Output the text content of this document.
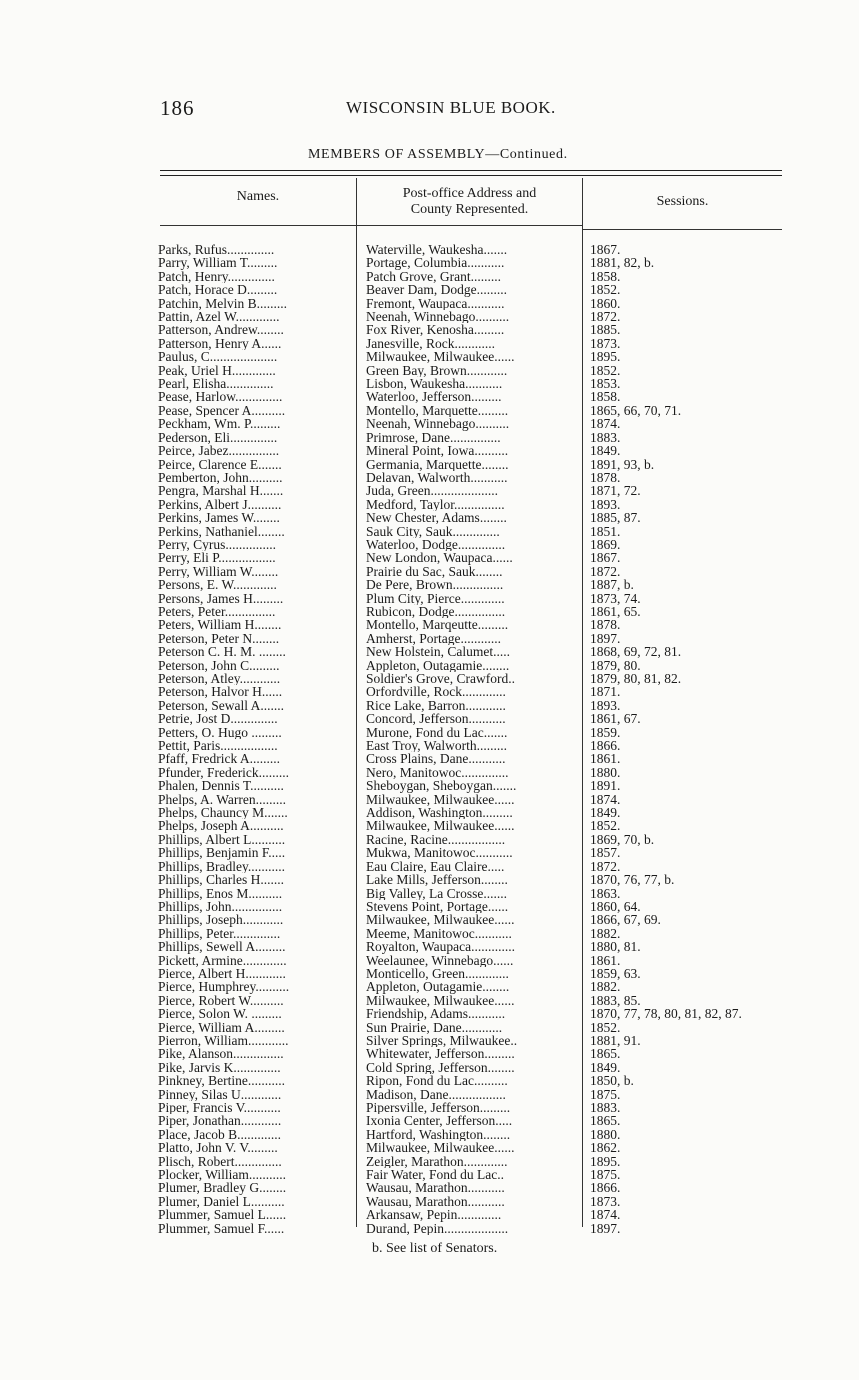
186	WISCONSIN BLUE BOOK.
MEMBERS OF ASSEMBLY—Continued.
Names.	Post-office Address and
County Represented.
Sessions.
Parks, Rufus..............	Waterville, Waukesha.......	1867.
Parry, William T.........	Portage, Columbia...........	1881, 82, b.
Patch, Henry..............	Patch Grove, Grant.........	1858.
Patch, Horace D.........	Beaver Dam, Dodge.........	1852.
Patchin, Melvin B.........	Fremont, Waupaca...........	1860.
Pattin, Azel W.............	Neenah, Winnebago..........	1872.
Patterson, Andrew........	Fox River, Kenosha.........	1885.
Patterson, Henry A......	Janesville, Rock............	1873.
Paulus, C....................	Milwaukee, Milwaukee......	1895.
Peak, Uriel H.............	Green Bay, Brown............	1852.
Pearl, Elisha..............	Lisbon, Waukesha...........	1853.
Pease, Harlow..............	Waterloo, Jefferson.........	1858.
Pease, Spencer A..........	Montello, Marquette.........	1865, 66, 70, 71.
Peckham, Wm. P.........	Neenah, Winnebago..........	1874.
Pederson, Eli..............	Primrose, Dane...............	1883.
Peirce, Jabez...............	Mineral Point, Iowa..........	1849.
Peirce, Clarence E.......	Germania, Marquette........	1891, 93, b.
Pemberton, John..........	Delavan, Walworth...........	1878.
Pengra, Marshal H.......	Juda, Green....................	1871, 72.
Perkins, Albert J..........	Medford, Taylor...............	1893.
Perkins, James W........	New Chester, Adams........	1885, 87.
Perkins, Nathaniel........	Sauk City, Sauk..............	1851.
Perry, Cyrus...............	Waterloo, Dodge..............	1869.
Perry, Eli P.................	New London, Waupaca......	1867.
Perry, William W........	Prairie du Sac, Sauk........	1872.
Persons, E. W.............	De Pere, Brown...............	1887, b.
Persons, James H.........	Plum City, Pierce.............	1873, 74.
Peters, Peter...............	Rubicon, Dodge...............	1861, 65.
Peters, William H........	Montello, Marqeutte.........	1878.
Peterson, Peter N........	Amherst, Portage............	1897.
Peterson C. H. M. ........	New Holstein, Calumet.....	1868, 69, 72, 81.
Peterson, John C.........	Appleton, Outagamie........	1879, 80.
Peterson, Atley............	Soldier's Grove, Crawford..	1879, 80, 81, 82.
Peterson, Halvor H......	Orfordville, Rock.............	1871.
Peterson, Sewall A.......	Rice Lake, Barron............	1893.
Petrie, Jost D..............	Concord, Jefferson...........	1861, 67.
Petters, O. Hugo .........	Murone, Fond du Lac.......	1859.
Pettit, Paris.................	East Troy, Walworth.........	1866.
Pfaff, Fredrick A.........	Cross Plains, Dane...........	1861.
Pfunder, Frederick.........	Nero, Manitowoc..............	1880.
Phalen, Dennis T..........	Sheboygan, Sheboygan.......	1891.
Phelps, A. Warren.........	Milwaukee, Milwaukee......	1874.
Phelps, Chauncy M.......	Addison, Washington.........	1849.
Phelps, Joseph A..........	Milwaukee, Milwaukee......	1852.
Phillips, Albert L..........	Racine, Racine.................	1869, 70, b.
Phillips, Benjamin F.....	Mukwa, Manitowoc...........	1857.
Phillips, Bradley...........	Eau Claire, Eau Claire.....	1872.
Phillips, Charles H.......	Lake Mills, Jefferson........	1870, 76, 77, b.
Phillips, Enos M..........	Big Valley, La Crosse.......	1863.
Phillips, John...............	Stevens Point, Portage......	1860, 64.
Phillips, Joseph............	Milwaukee, Milwaukee......	1866, 67, 69.
Phillips, Peter..............	Meeme, Manitowoc...........	1882.
Phillips, Sewell A.........	Royalton, Waupaca.............	1880, 81.
Pickett, Armine.............	Weelaunee, Winnebago......	1861.
Pierce, Albert H............	Monticello, Green.............	1859, 63.
Pierce, Humphrey..........	Appleton, Outagamie........	1882.
Pierce, Robert W..........	Milwaukee, Milwaukee......	1883, 85.
Pierce, Solon W. .........	Friendship, Adams...........	1870, 77, 78, 80, 81, 82, 87.
Pierce, William A.........	Sun Prairie, Dane............	1852.
Pierron, William............	Silver Springs, Milwaukee..	1881, 91.
Pike, Alanson...............	Whitewater, Jefferson.........	1865.
Pike, Jarvis K..............	Cold Spring, Jefferson........	1849.
Pinkney, Bertine...........	Ripon, Fond du Lac..........	1850, b.
Pinney, Silas U............	Madison, Dane.................	1875.
Piper, Francis V...........	Pipersville, Jefferson.........	1883.
Piper, Jonathan............	Ixonia Center, Jefferson.....	1865.
Place, Jacob B.............	Hartford, Washington........	1880.
Platto, John V. V.........	Milwaukee, Milwaukee......	1862.
Plisch, Robert..............	Zeigler, Marathon.............	1895.
Plocker, William...........	Fair Water, Fond du Lac..	1875.
Plumer, Bradley G........	Wausau, Marathon...........	1866.
Plumer, Daniel L..........	Wausau, Marathon...........	1873.
Plummer, Samuel L......	Arkansaw, Pepin.............	1874.
Plummer, Samuel F......	Durand, Pepin...................	1897.
b. See list of Senators.
